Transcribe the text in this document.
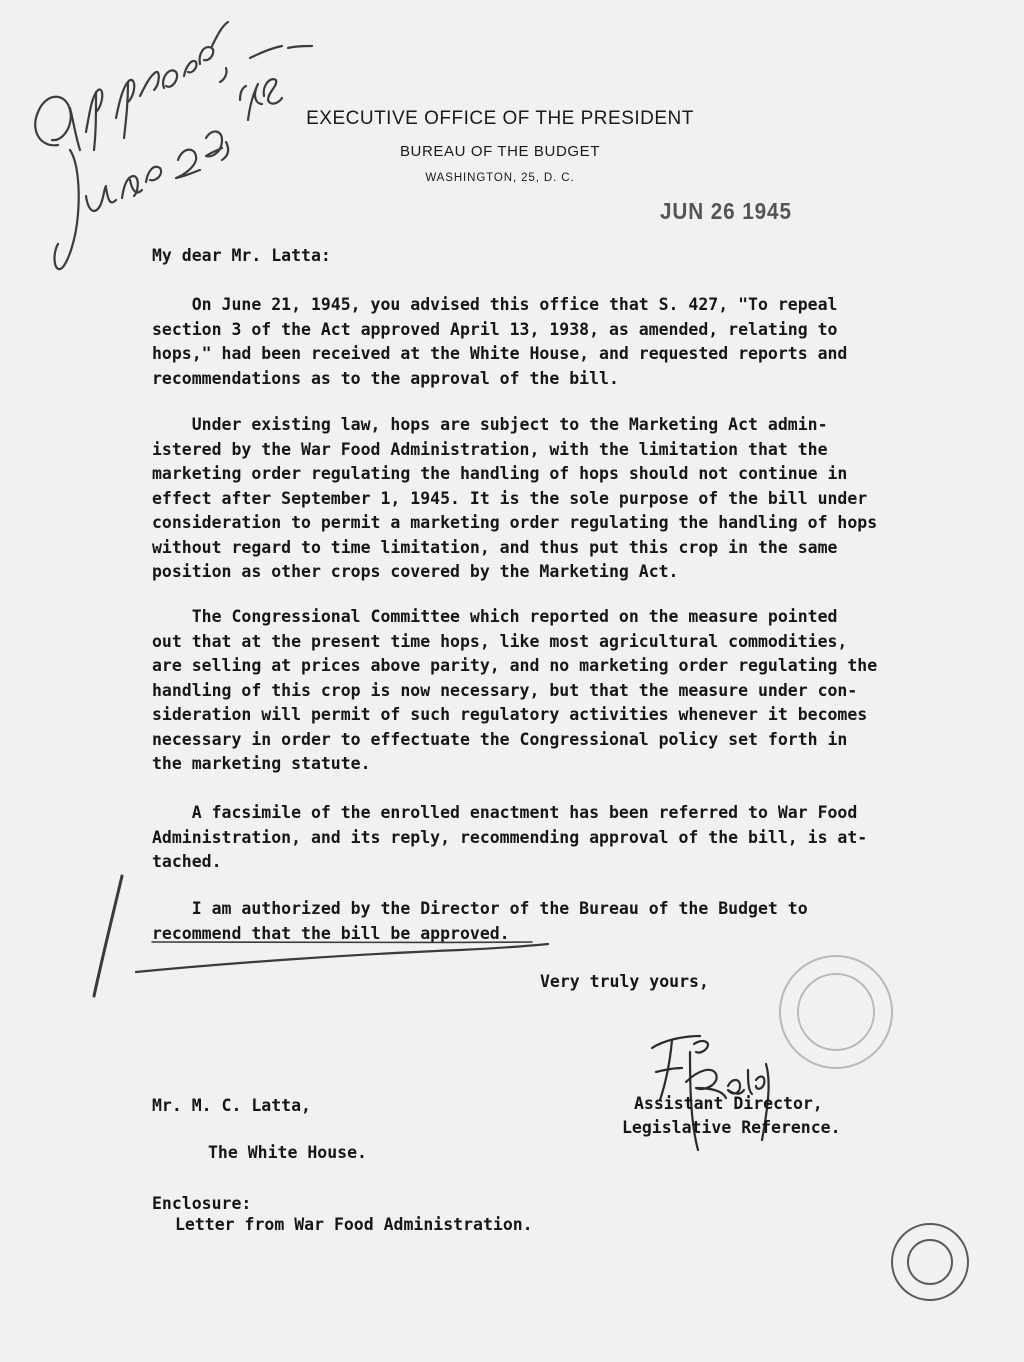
EXECUTIVE OFFICE OF THE PRESIDENT
BUREAU OF THE BUDGET
WASHINGTON, 25, D. C.
JUN 26 1945
My dear Mr. Latta:
On June 21, 1945, you advised this office that S. 427, "To repeal
section 3 of the Act approved April 13, 1938, as amended, relating to
hops," had been received at the White House, and requested reports and
recommendations as to the approval of the bill.
Under existing law, hops are subject to the Marketing Act admin-
istered by the War Food Administration, with the limitation that the
marketing order regulating the handling of hops should not continue in
effect after September 1, 1945. It is the sole purpose of the bill under
consideration to permit a marketing order regulating the handling of hops
without regard to time limitation, and thus put this crop in the same
position as other crops covered by the Marketing Act.
The Congressional Committee which reported on the measure pointed
out that at the present time hops, like most agricultural commodities,
are selling at prices above parity, and no marketing order regulating the
handling of this crop is now necessary, but that the measure under con-
sideration will permit of such regulatory activities whenever it becomes
necessary in order to effectuate the Congressional policy set forth in
the marketing statute.
A facsimile of the enrolled enactment has been referred to War Food
Administration, and its reply, recommending approval of the bill, is at-
tached.
I am authorized by the Director of the Bureau of the Budget to
recommend that the bill be approved.
Very truly yours,
Assistant Director,
Legislative Reference.
Mr. M. C. Latta,
The White House.
Enclosure:
Letter from War Food Administration.
